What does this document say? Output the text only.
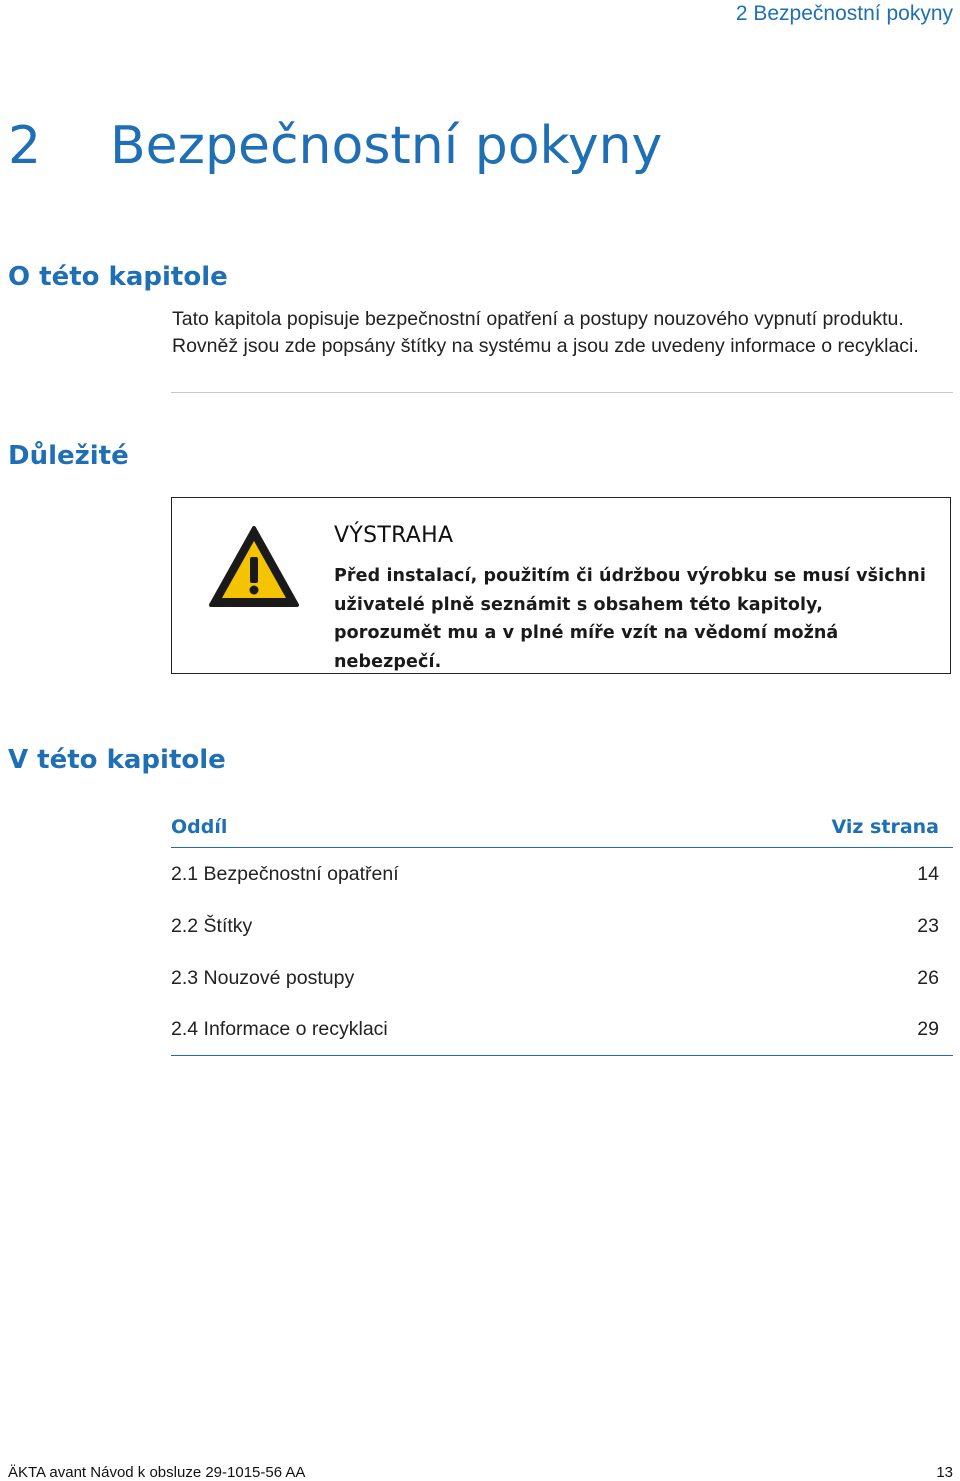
2 Bezpečnostní pokyny
2 Bezpečnostní pokyny
O této kapitole
Tato kapitola popisuje bezpečnostní opatření a postupy nouzového vypnutí produktu. Rovněž jsou zde popsány štítky na systému a jsou zde uvedeny informace o recyklaci.
Důležité
VÝSTRAHA
Před instalací, použitím či údržbou výrobku se musí všichni uživatelé plně seznámit s obsahem této kapitoly, porozumět mu a v plné míře vzít na vědomí možná nebezpečí.
V této kapitole
Oddíl	Viz strana
2.1 Bezpečnostní opatření	14
2.2 Štítky	23
2.3 Nouzové postupy	26
2.4 Informace o recyklaci	29
ÄKTA avant Návod k obsluze 29-1015-56 AA	13
